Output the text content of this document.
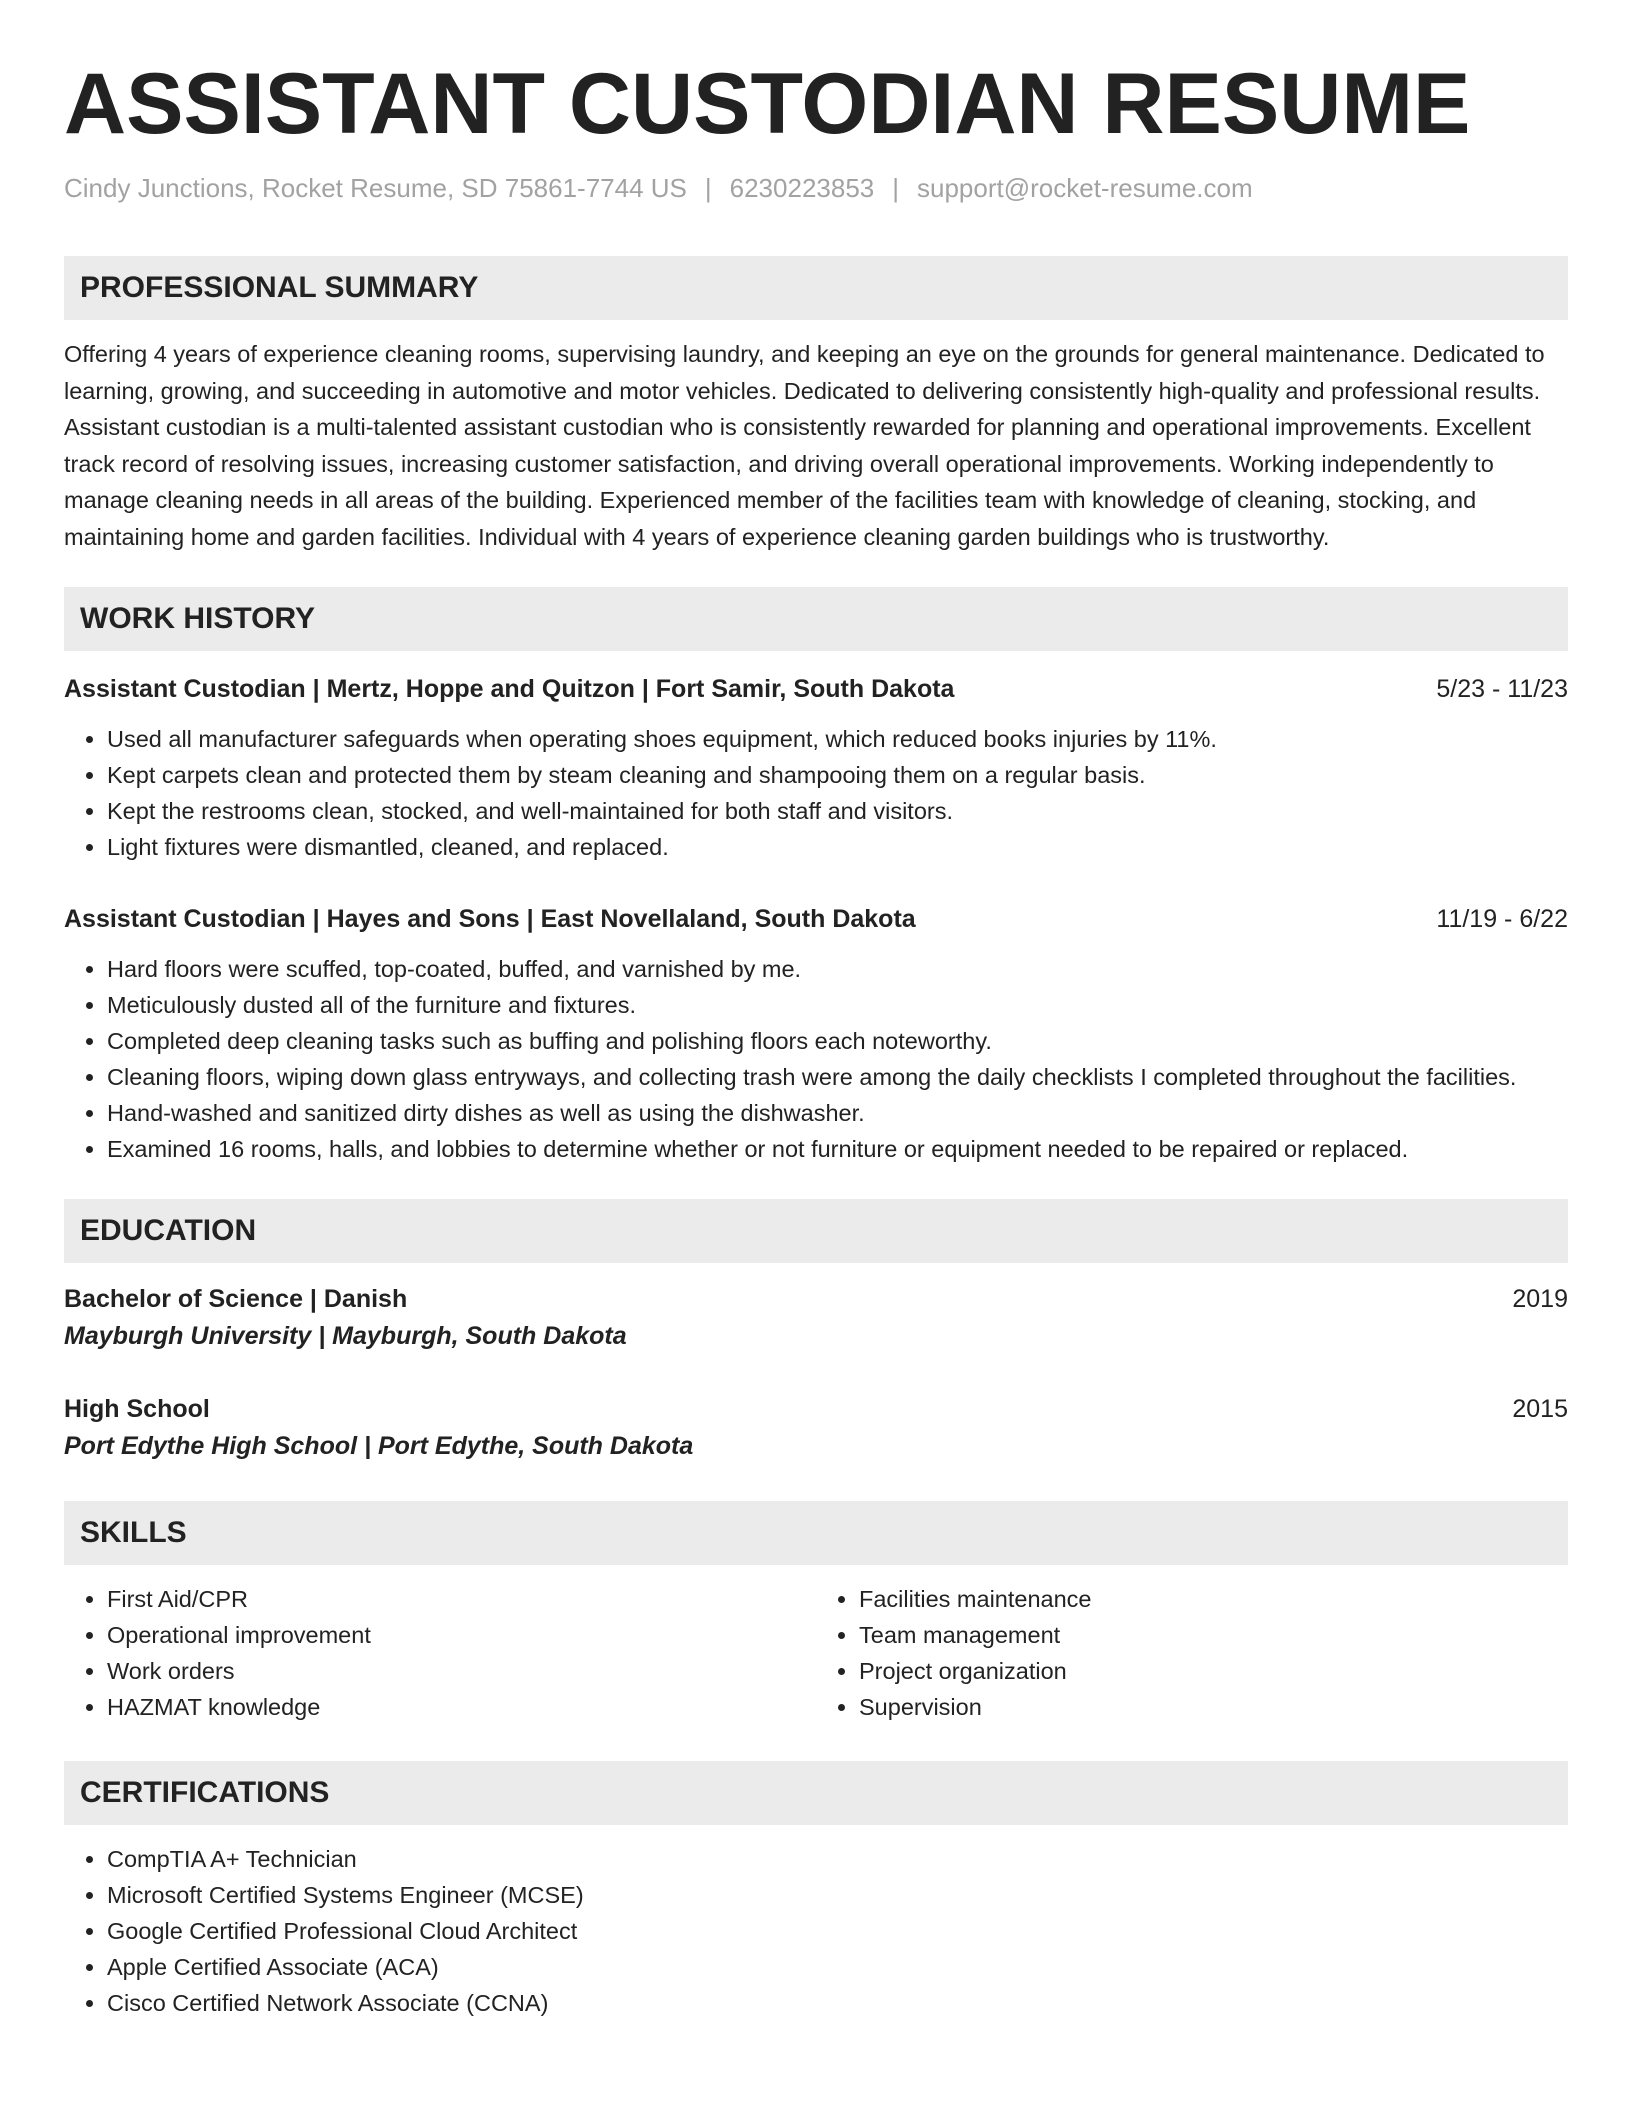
ASSISTANT CUSTODIAN RESUME
Cindy Junctions, Rocket Resume, SD 75861-7744 US | 6230223853 | support@rocket-resume.com
PROFESSIONAL SUMMARY

Offering 4 years of experience cleaning rooms, supervising laundry, and keeping an eye on the grounds for general maintenance. Dedicated to learning, growing, and succeeding in automotive and motor vehicles. Dedicated to delivering consistently high-quality and professional results. Assistant custodian is a multi-talented assistant custodian who is consistently rewarded for planning and operational improvements. Excellent track record of resolving issues, increasing customer satisfaction, and driving overall operational improvements. Working independently to manage cleaning needs in all areas of the building. Experienced member of the facilities team with knowledge of cleaning, stocking, and maintaining home and garden facilities. Individual with 4 years of experience cleaning garden buildings who is trustworthy.

WORK HISTORY
Assistant Custodian | Mertz, Hoppe and Quitzon | Fort Samir, South Dakota	5/23 - 11/23
• Used all manufacturer safeguards when operating shoes equipment, which reduced books injuries by 11%.
• Kept carpets clean and protected them by steam cleaning and shampooing them on a regular basis.
• Kept the restrooms clean, stocked, and well-maintained for both staff and visitors.
• Light fixtures were dismantled, cleaned, and replaced.
Assistant Custodian | Hayes and Sons | East Novellaland, South Dakota	11/19 - 6/22
• Hard floors were scuffed, top-coated, buffed, and varnished by me.
• Meticulously dusted all of the furniture and fixtures.
• Completed deep cleaning tasks such as buffing and polishing floors each noteworthy.
• Cleaning floors, wiping down glass entryways, and collecting trash were among the daily checklists I completed throughout the facilities.
• Hand-washed and sanitized dirty dishes as well as using the dishwasher.
• Examined 16 rooms, halls, and lobbies to determine whether or not furniture or equipment needed to be repaired or replaced.
EDUCATION
Bachelor of Science | Danish	2019
Mayburgh University | Mayburgh, South Dakota
High School	2015
Port Edythe High School | Port Edythe, South Dakota
SKILLS
• First Aid/CPR
• Operational improvement
• Work orders
• HAZMAT knowledge
• Facilities maintenance
• Team management
• Project organization
• Supervision
CERTIFICATIONS
• CompTIA A+ Technician
• Microsoft Certified Systems Engineer (MCSE)
• Google Certified Professional Cloud Architect
• Apple Certified Associate (ACA)
• Cisco Certified Network Associate (CCNA)
